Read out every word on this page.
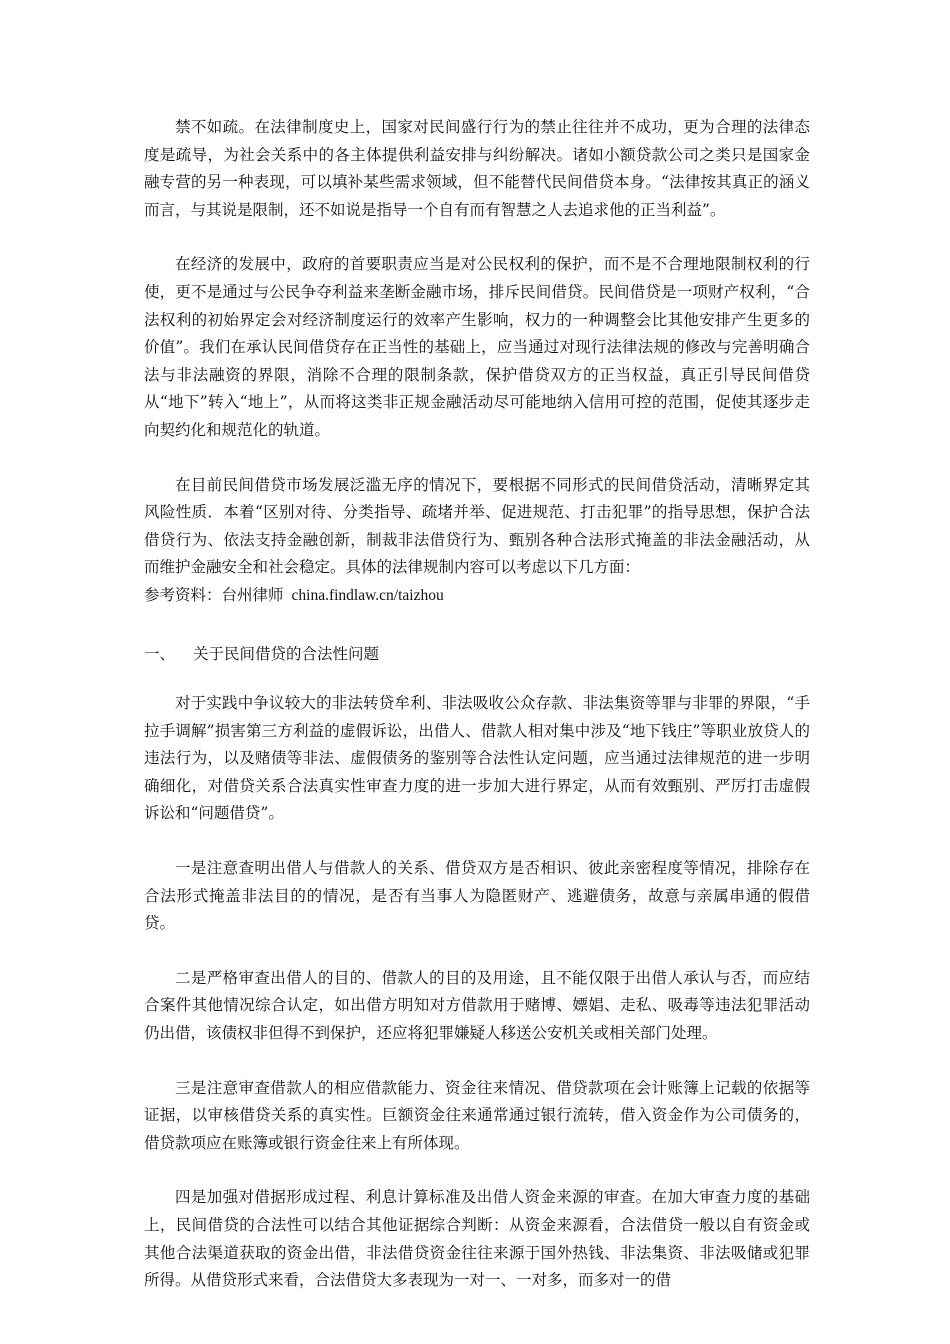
禁不如疏。在法律制度史上，国家对民间盛行行为的禁止往往并不成功，更为合理的法律态度是疏导，为社会关系中的各主体提供利益安排与纠纷解决。诸如小额贷款公司之类只是国家金融专营的另一种表现，可以填补某些需求领域，但不能替代民间借贷本身。“法律按其真正的涵义而言，与其说是限制，还不如说是指导一个自有而有智慧之人去追求他的正当利益”。

在经济的发展中，政府的首要职责应当是对公民权利的保护，而不是不合理地限制权利的行使，更不是通过与公民争夺利益来垄断金融市场，排斥民间借贷。民间借贷是一项财产权利，“合法权利的初始界定会对经济制度运行的效率产生影响，权力的一种调整会比其他安排产生更多的价值”。我们在承认民间借贷存在正当性的基础上，应当通过对现行法律法规的修改与完善明确合法与非法融资的界限，消除不合理的限制条款，保护借贷双方的正当权益，真正引导民间借贷从“地下”转入“地上”，从而将这类非正规金融活动尽可能地纳入信用可控的范围，促使其逐步走向契约化和规范化的轨道。

在目前民间借贷市场发展泛滥无序的情况下，要根据不同形式的民间借贷活动，清晰界定其风险性质．本着“区别对待、分类指导、疏堵并举、促进规范、打击犯罪”的指导思想，保护合法借贷行为、依法支持金融创新，制裁非法借贷行为、甄别各种合法形式掩盖的非法金融活动，从而维护金融安全和社会稳定。具体的法律规制内容可以考虑以下几方面：

参考资料：台州律师 china.findlaw.cn/taizhou
一、 关于民间借贷的合法性问题

对于实践中争议较大的非法转贷牟利、非法吸收公众存款、非法集资等罪与非罪的界限，“手拉手调解”损害第三方利益的虚假诉讼，出借人、借款人相对集中涉及“地下钱庄”等职业放贷人的违法行为，以及赌债等非法、虚假债务的鉴别等合法性认定问题，应当通过法律规范的进一步明确细化，对借贷关系合法真实性审查力度的进一步加大进行界定，从而有效甄别、严厉打击虚假诉讼和“问题借贷”。

一是注意查明出借人与借款人的关系、借贷双方是否相识、彼此亲密程度等情况，排除存在合法形式掩盖非法目的的情况，是否有当事人为隐匿财产、逃避债务，故意与亲属串通的假借贷。

二是严格审查出借人的目的、借款人的目的及用途，且不能仅限于出借人承认与否，而应结合案件其他情况综合认定，如出借方明知对方借款用于赌博、嫖娼、走私、吸毒等违法犯罪活动仍出借，该债权非但得不到保护，还应将犯罪嫌疑人移送公安机关或相关部门处理。

三是注意审查借款人的相应借款能力、资金往来情况、借贷款项在会计账簿上记载的依据等证据，以审核借贷关系的真实性。巨额资金往来通常通过银行流转，借入资金作为公司债务的，借贷款项应在账簿或银行资金往来上有所体现。

四是加强对借据形成过程、利息计算标准及出借人资金来源的审查。在加大审查力度的基础上，民间借贷的合法性可以结合其他证据综合判断：从资金来源看，合法借贷一般以自有资金或其他合法渠道获取的资金出借，非法借贷资金往往来源于国外热钱、非法集资、非法吸储或犯罪所得。从借贷形式来看，合法借贷大多表现为一对一、一对多，而多对一的借
